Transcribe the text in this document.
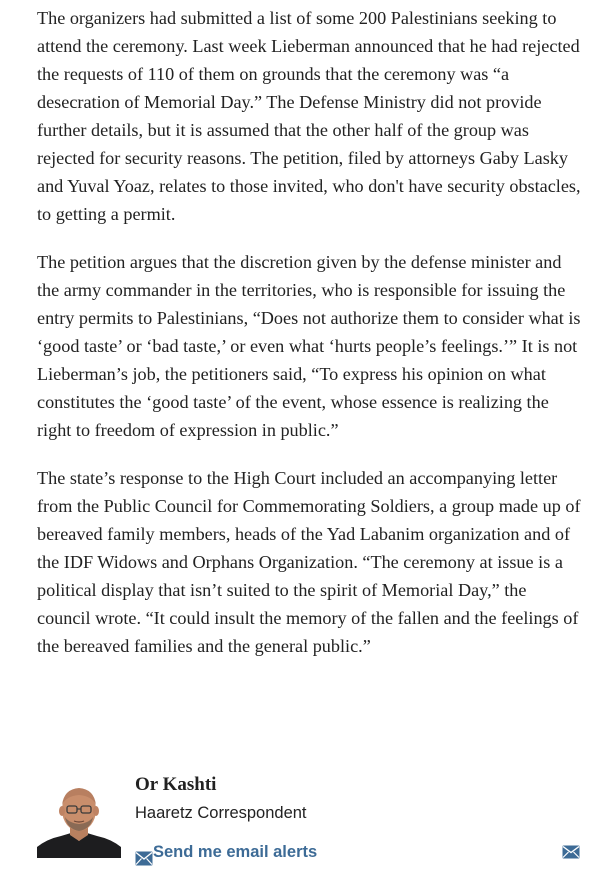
The organizers had submitted a list of some 200 Palestinians seeking to attend the ceremony. Last week Lieberman announced that he had rejected the requests of 110 of them on grounds that the ceremony was “a desecration of Memorial Day.” The Defense Ministry did not provide further details, but it is assumed that the other half of the group was rejected for security reasons. The petition, filed by attorneys Gaby Lasky and Yuval Yoaz, relates to those invited, who don't have security obstacles, to getting a permit.

The petition argues that the discretion given by the defense minister and the army commander in the territories, who is responsible for issuing the entry permits to Palestinians, “Does not authorize them to consider what is ‘good taste’ or ‘bad taste,’ or even what ‘hurts people’s feelings.’” It is not Lieberman’s job, the petitioners said, “To express his opinion on what constitutes the ‘good taste’ of the event, whose essence is realizing the right to freedom of expression in public.”

The state’s response to the High Court included an accompanying letter from the Public Council for Commemorating Soldiers, a group made up of bereaved family members, heads of the Yad Labanim organization and of the IDF Widows and Orphans Organization. “The ceremony at issue is a political display that isn’t suited to the spirit of Memorial Day,” the council wrote. “It could insult the memory of the fallen and the feelings of the bereaved families and the general public.”

Or Kashti
Haaretz Correspondent
Send me email alerts
